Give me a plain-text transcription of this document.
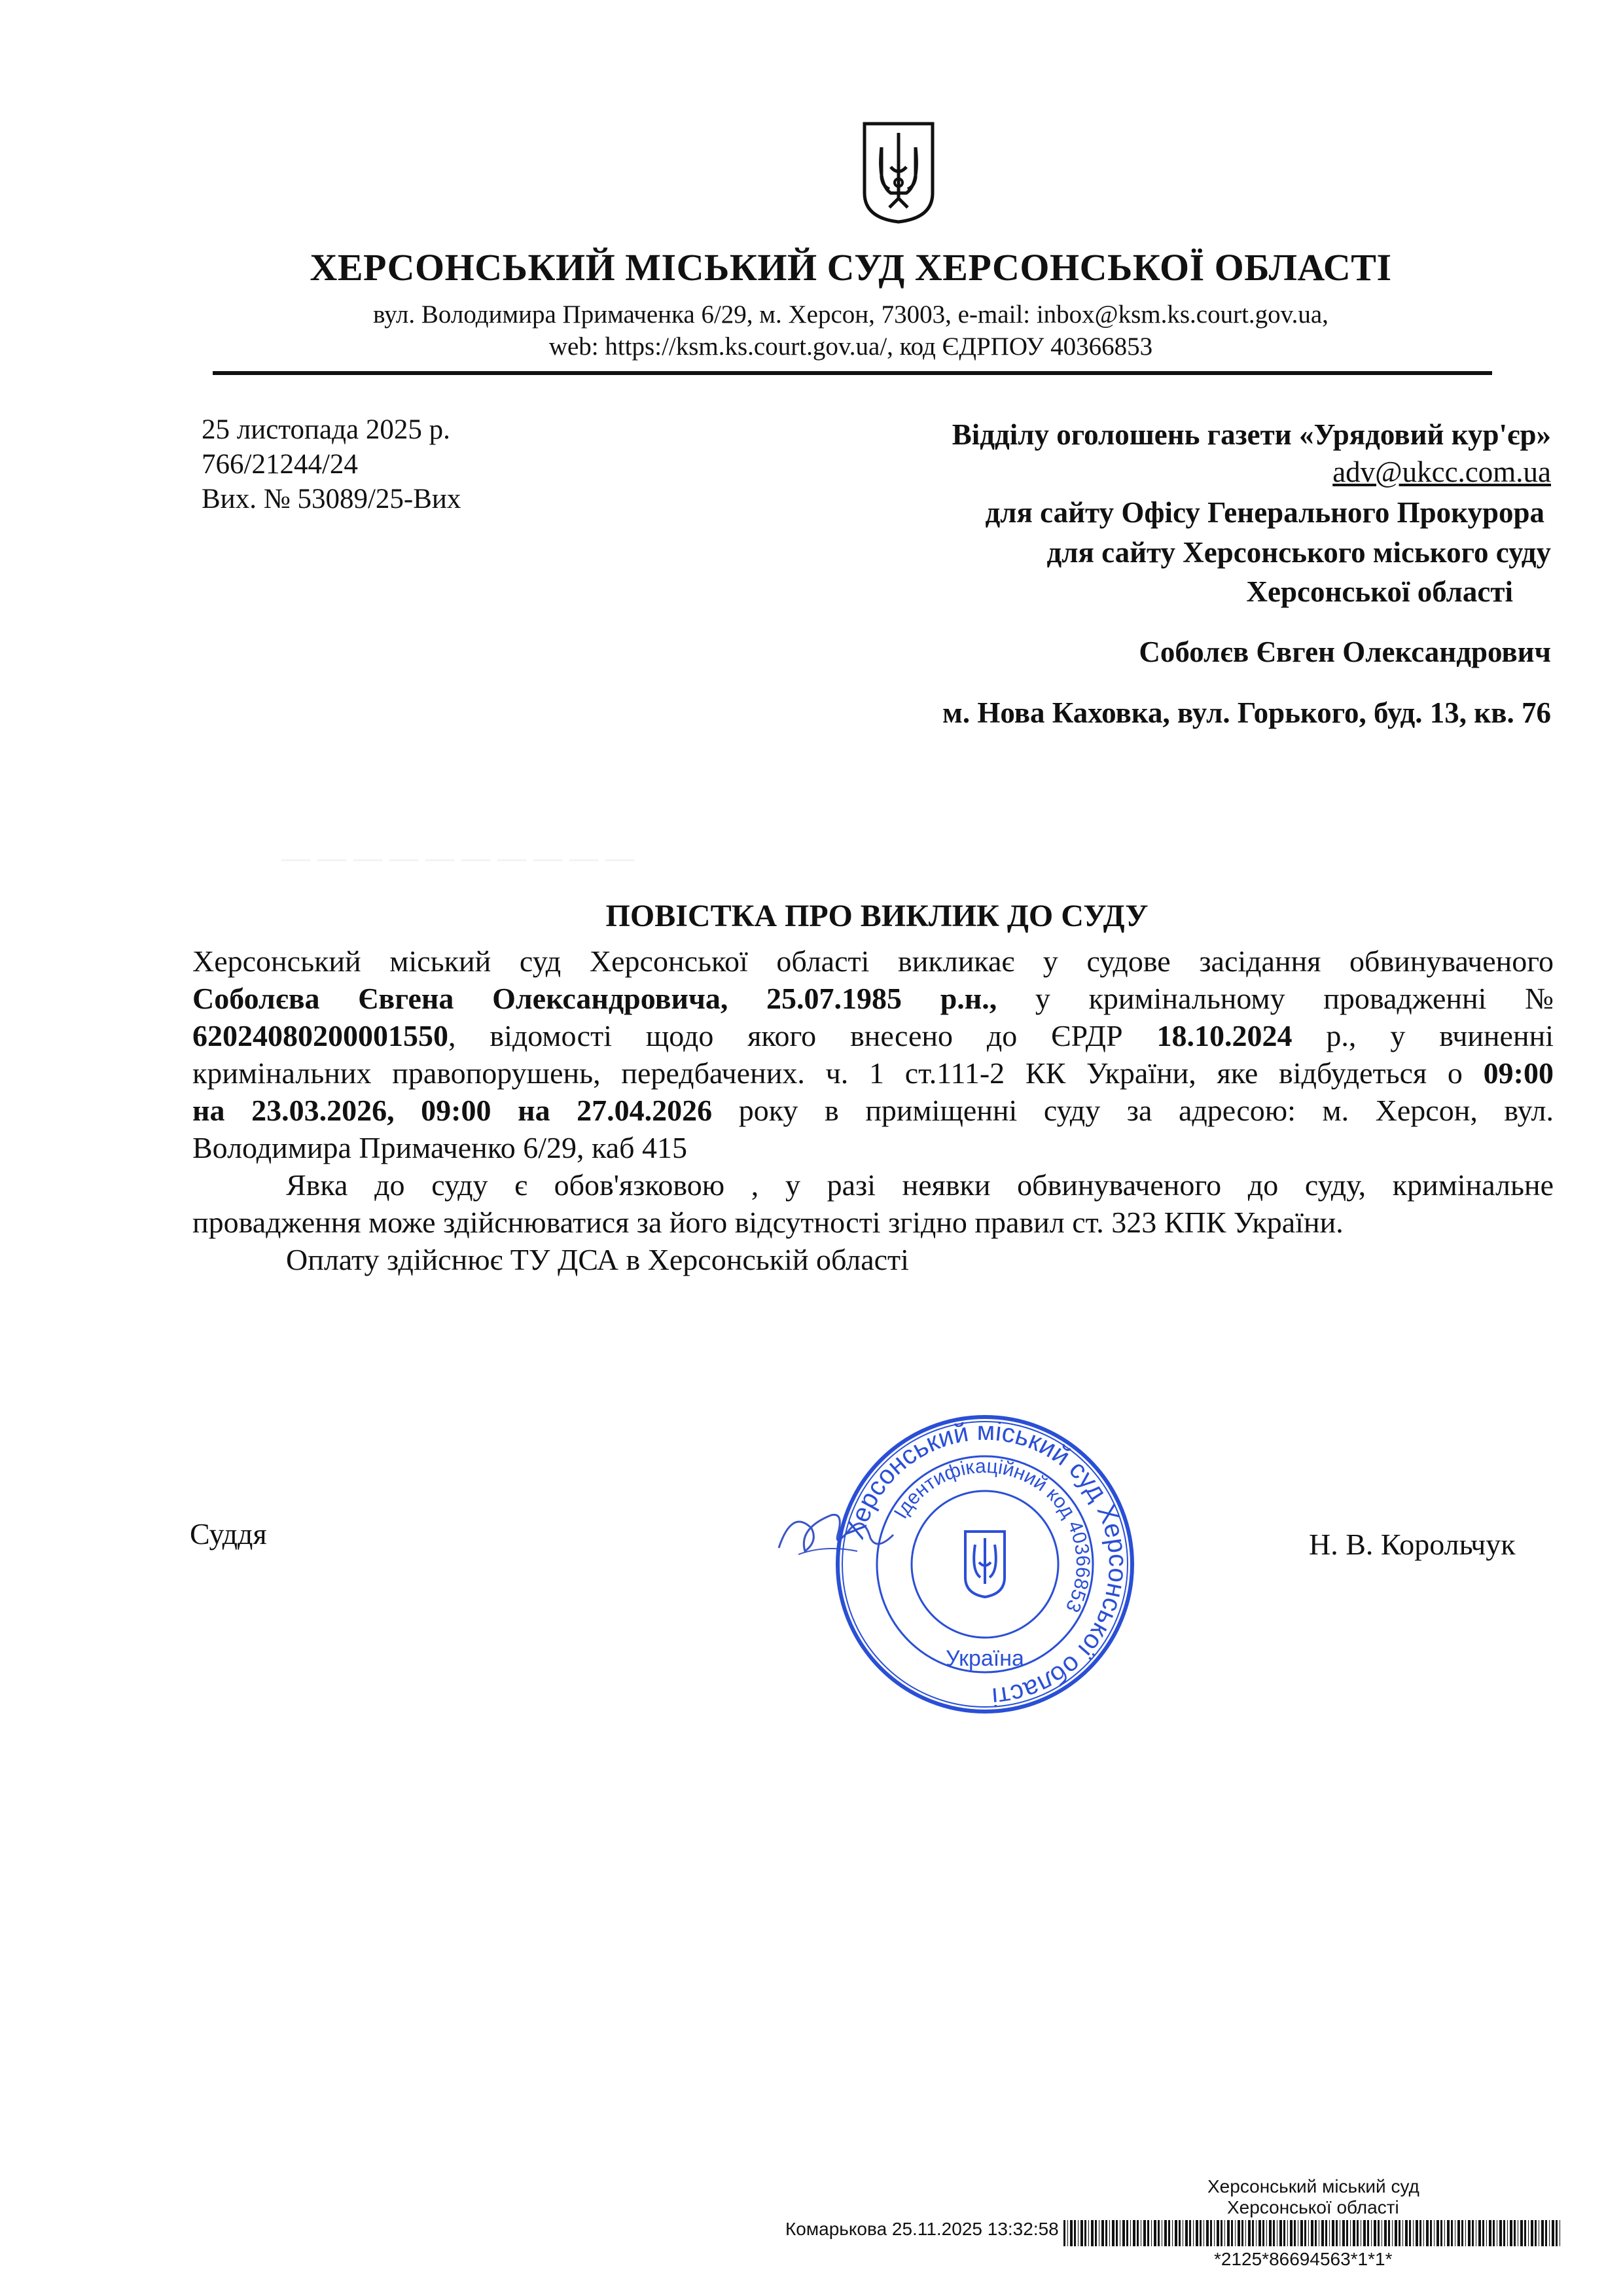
— — — — — — — — — —
ХЕРСОНСЬКИЙ МІСЬКИЙ СУД ХЕРСОНСЬКОЇ ОБЛАСТІ
вул. Володимира Примаченка 6/29, м. Херсон, 73003, e-mail: inbox@ksm.ks.court.gov.ua,
web: https://ksm.ks.court.gov.ua/, код ЄДРПОУ 40366853
25 листопада 2025 р.
766/21244/24
Вих. № 53089/25-Вих
Відділу оголошень газети «Урядовий кур'єр»
adv@ukcc.com.ua
для сайту Офісу Генерального Прокурора
для сайту Херсонського міського суду
Херсонської області
Соболєв Євген Олександрович
м. Нова Каховка, вул. Горького, буд. 13, кв. 76
ПОВІСТКА ПРО ВИКЛИК ДО СУДУ
Херсонський міський суд Херсонської області викликає у судове засідання обвинуваченого
Соболєва Євгена Олександровича, 25.07.1985 р.н., у кримінальному провадженні №
62024080200001550, відомості щодо якого внесено до ЄРДР 18.10.2024 р., у вчиненні
кримінальних правопорушень, передбачених. ч. 1 ст.111-2 КК України, яке відбудеться о 09:00
на 23.03.2026, 09:00 на 27.04.2026 року в приміщенні суду за адресою: м. Херсон, вул.
Володимира Примаченко 6/29, каб 415
Явка до суду є обов'язковою , у разі неявки обвинуваченого до суду, кримінальне
провадження може здійснюватися за його відсутності згідно правил ст. 323 КПК України.
Оплату здійснює ТУ ДСА в Херсонській області
Суддя	Н. В. Корольчук
Херсонський міський суд Херсонської області
Ідентифікаційний код 40366853
Україна
Херсонський міський суд
Херсонської області
Комарькова 25.11.2025 13:32:58
*2125*86694563*1*1*
